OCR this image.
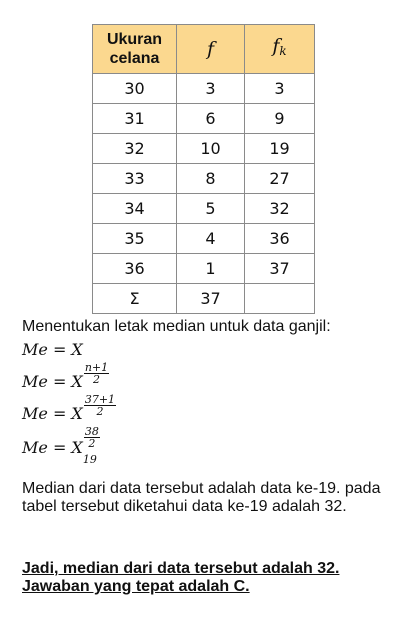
Ukuran celana	f	$f_k$
30	3	3
31	6	9
32	10	19
33	8	27
34	5	32
35	4	36
36	1	37
Σ	37	
Menentukan letak median untuk data ganjil:
Me = X
$\frac{n+1}{2}$
Me = X
$\frac{37+1}{2}$
Me = X
$\frac{38}{2}$
Me = X19
Median dari data tersebut adalah data ke-19. pada tabel tersebut diketahui data ke-19 adalah 32.
Jadi, median dari data tersebut adalah 32. Jawaban yang tepat adalah C.
